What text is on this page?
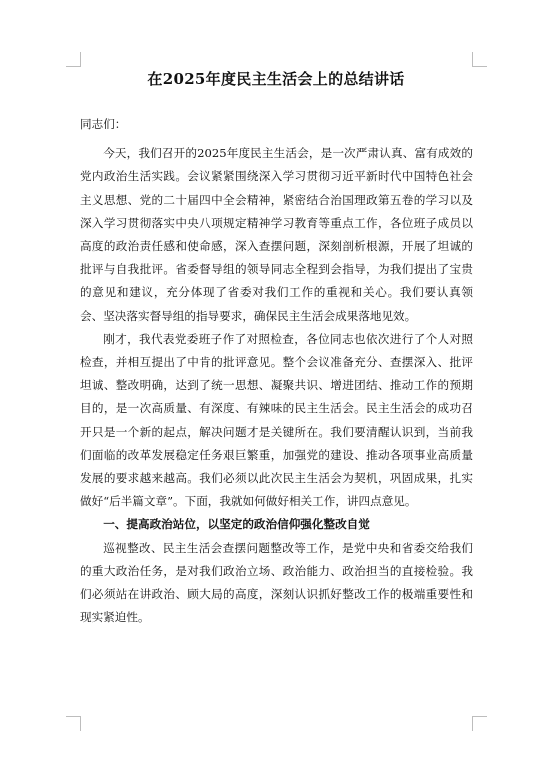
在2025年度民主生活会上的总结讲话

同志们：

今天，我们召开的2025年度民主生活会，是一次严肃认真、富有成效的党内政治生活实践。会议紧紧围绕深入学习贯彻习近平新时代中国特色社会主义思想、党的二十届四中全会精神，紧密结合治国理政第五卷的学习以及深入学习贯彻落实中央八项规定精神学习教育等重点工作，各位班子成员以高度的政治责任感和使命感，深入查摆问题，深刻剖析根源，开展了坦诚的批评与自我批评。省委督导组的领导同志全程到会指导，为我们提出了宝贵的意见和建议，充分体现了省委对我们工作的重视和关心。我们要认真领会、坚决落实督导组的指导要求，确保民主生活会成果落地见效。

刚才，我代表党委班子作了对照检查，各位同志也依次进行了个人对照检查，并相互提出了中肯的批评意见。整个会议准备充分、查摆深入、批评坦诚、整改明确，达到了统一思想、凝聚共识、增进团结、推动工作的预期目的，是一次高质量、有深度、有辣味的民主生活会。民主生活会的成功召开只是一个新的起点，解决问题才是关键所在。我们要清醒认识到，当前我们面临的改革发展稳定任务艰巨繁重，加强党的建设、推动各项事业高质量发展的要求越来越高。我们必须以此次民主生活会为契机，巩固成果，扎实做好“后半篇文章”。下面，我就如何做好相关工作，讲四点意见。

一、提高政治站位，以坚定的政治信仰强化整改自觉

巡视整改、民主生活会查摆问题整改等工作，是党中央和省委交给我们的重大政治任务，是对我们政治立场、政治能力、政治担当的直接检验。我们必须站在讲政治、顾大局的高度，深刻认识抓好整改工作的极端重要性和现实紧迫性。
